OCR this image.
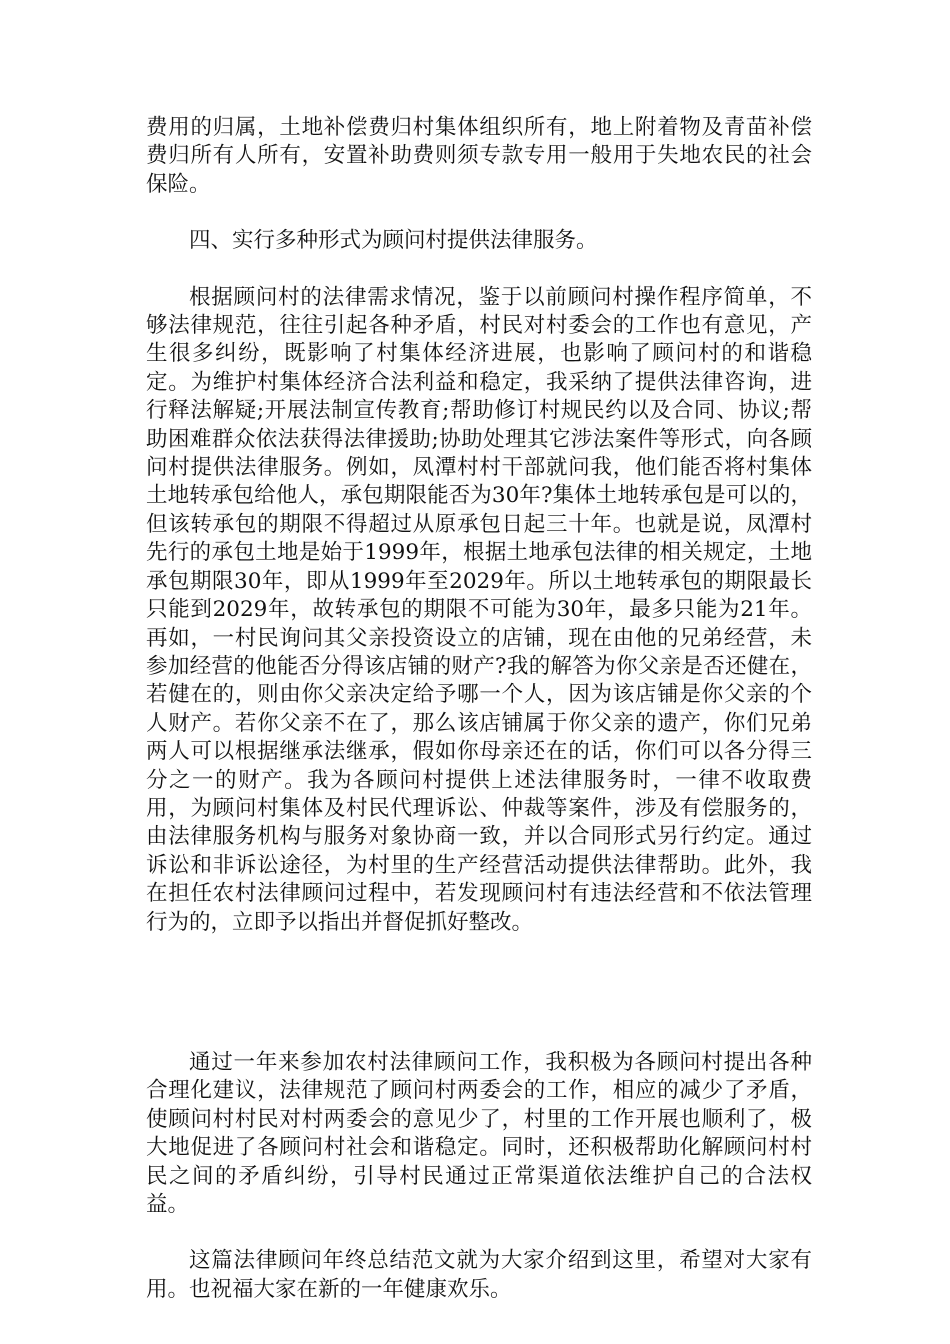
费用的归属，土地补偿费归村集体组织所有，地上附着物及青苗补偿费归所有人所有，安置补助费则须专款专用一般用于失地农民的社会保险。

四、实行多种形式为顾问村提供法律服务。

根据顾问村的法律需求情况，鉴于以前顾问村操作程序简单，不够法律规范，往往引起各种矛盾，村民对村委会的工作也有意见，产生很多纠纷，既影响了村集体经济进展，也影响了顾问村的和谐稳定。为维护村集体经济合法利益和稳定，我采纳了提供法律咨询，进行释法解疑;开展法制宣传教育;帮助修订村规民约以及合同、协议;帮助困难群众依法获得法律援助;协助处理其它涉法案件等形式，向各顾问村提供法律服务。例如，凤潭村村干部就问我，他们能否将村集体土地转承包给他人，承包期限能否为30年?集体土地转承包是可以的，但该转承包的期限不得超过从原承包日起三十年。也就是说，凤潭村先行的承包土地是始于1999年，根据土地承包法律的相关规定，土地承包期限30年，即从1999年至2029年。所以土地转承包的期限最长只能到2029年，故转承包的期限不可能为30年，最多只能为21年。再如，一村民询问其父亲投资设立的店铺，现在由他的兄弟经营，未参加经营的他能否分得该店铺的财产?我的解答为你父亲是否还健在，若健在的，则由你父亲决定给予哪一个人，因为该店铺是你父亲的个人财产。若你父亲不在了，那么该店铺属于你父亲的遗产，你们兄弟两人可以根据继承法继承，假如你母亲还在的话，你们可以各分得三分之一的财产。我为各顾问村提供上述法律服务时，一律不收取费用，为顾问村集体及村民代理诉讼、仲裁等案件，涉及有偿服务的，由法律服务机构与服务对象协商一致，并以合同形式另行约定。通过诉讼和非诉讼途径，为村里的生产经营活动提供法律帮助。此外，我在担任农村法律顾问过程中，若发现顾问村有违法经营和不依法管理行为的，立即予以指出并督促抓好整改。

通过一年来参加农村法律顾问工作，我积极为各顾问村提出各种合理化建议，法律规范了顾问村两委会的工作，相应的减少了矛盾，使顾问村村民对村两委会的意见少了，村里的工作开展也顺利了，极大地促进了各顾问村社会和谐稳定。同时，还积极帮助化解顾问村村民之间的矛盾纠纷，引导村民通过正常渠道依法维护自己的合法权益。

这篇法律顾问年终总结范文就为大家介绍到这里，希望对大家有用。也祝福大家在新的一年健康欢乐。
